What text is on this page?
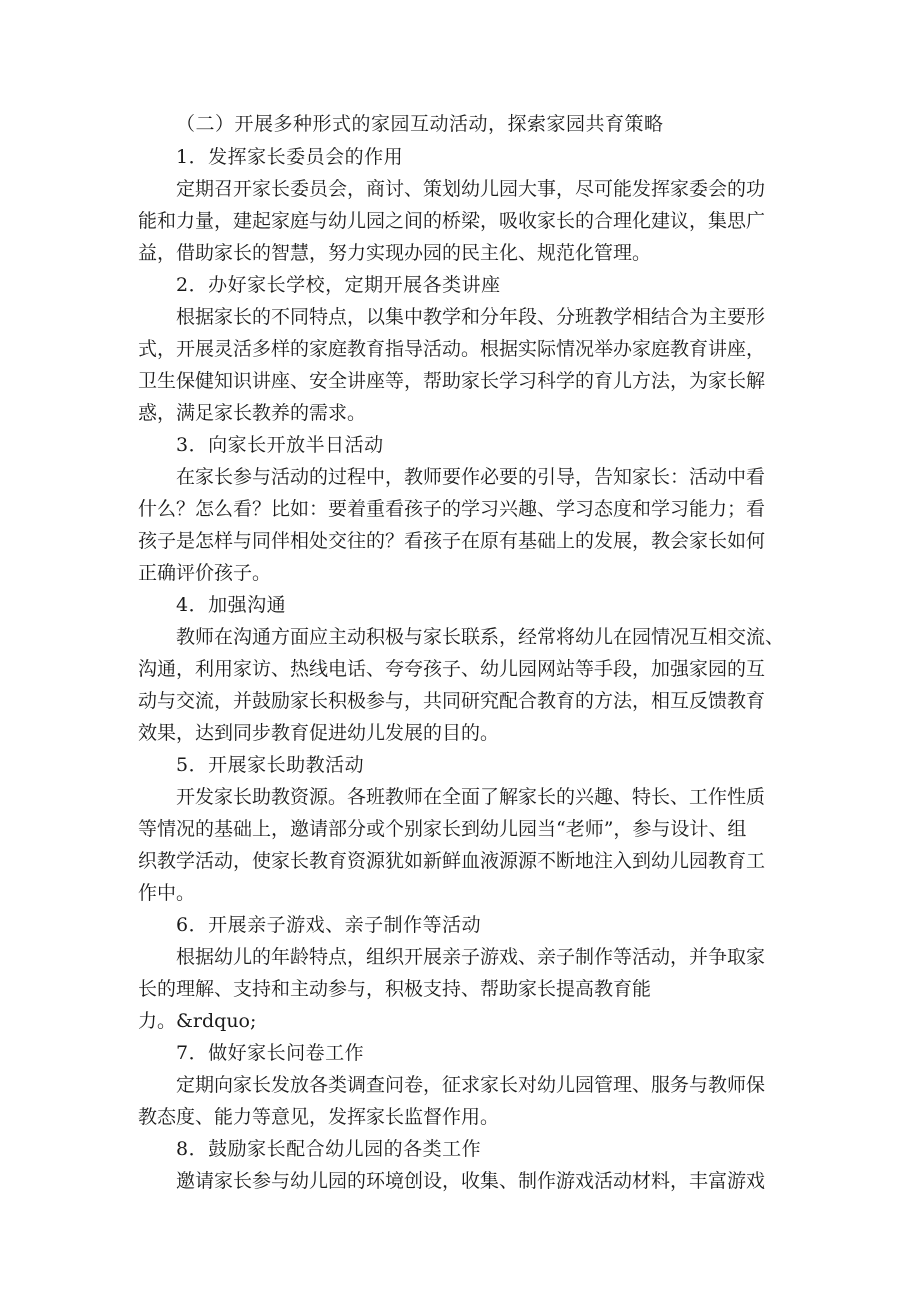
（二）开展多种形式的家园互动活动，探索家园共育策略
1．发挥家长委员会的作用
定期召开家长委员会，商讨、策划幼儿园大事，尽可能发挥家委会的功
能和力量，建起家庭与幼儿园之间的桥梁，吸收家长的合理化建议，集思广
益，借助家长的智慧，努力实现办园的民主化、规范化管理。
2．办好家长学校，定期开展各类讲座
根据家长的不同特点，以集中教学和分年段、分班教学相结合为主要形
式，开展灵活多样的家庭教育指导活动。根据实际情况举办家庭教育讲座，
卫生保健知识讲座、安全讲座等，帮助家长学习科学的育儿方法，为家长解
惑，满足家长教养的需求。
3．向家长开放半日活动
在家长参与活动的过程中，教师要作必要的引导，告知家长：活动中看
什么？怎么看？比如：要着重看孩子的学习兴趣、学习态度和学习能力；看
孩子是怎样与同伴相处交往的？看孩子在原有基础上的发展，教会家长如何
正确评价孩子。
4．加强沟通
教师在沟通方面应主动积极与家长联系，经常将幼儿在园情况互相交流、
沟通，利用家访、热线电话、夸夸孩子、幼儿园网站等手段，加强家园的互
动与交流，并鼓励家长积极参与，共同研究配合教育的方法，相互反馈教育
效果，达到同步教育促进幼儿发展的目的。
5．开展家长助教活动
开发家长助教资源。各班教师在全面了解家长的兴趣、特长、工作性质
等情况的基础上，邀请部分或个别家长到幼儿园当“老师”，参与设计、组
织教学活动，使家长教育资源犹如新鲜血液源源不断地注入到幼儿园教育工
作中。
6．开展亲子游戏、亲子制作等活动
根据幼儿的年龄特点，组织开展亲子游戏、亲子制作等活动，并争取家
长的理解、支持和主动参与，积极支持、帮助家长提高教育能
力。&rdquo;
7．做好家长问卷工作
定期向家长发放各类调查问卷，征求家长对幼儿园管理、服务与教师保
教态度、能力等意见，发挥家长监督作用。
8．鼓励家长配合幼儿园的各类工作
邀请家长参与幼儿园的环境创设，收集、制作游戏活动材料，丰富游戏
